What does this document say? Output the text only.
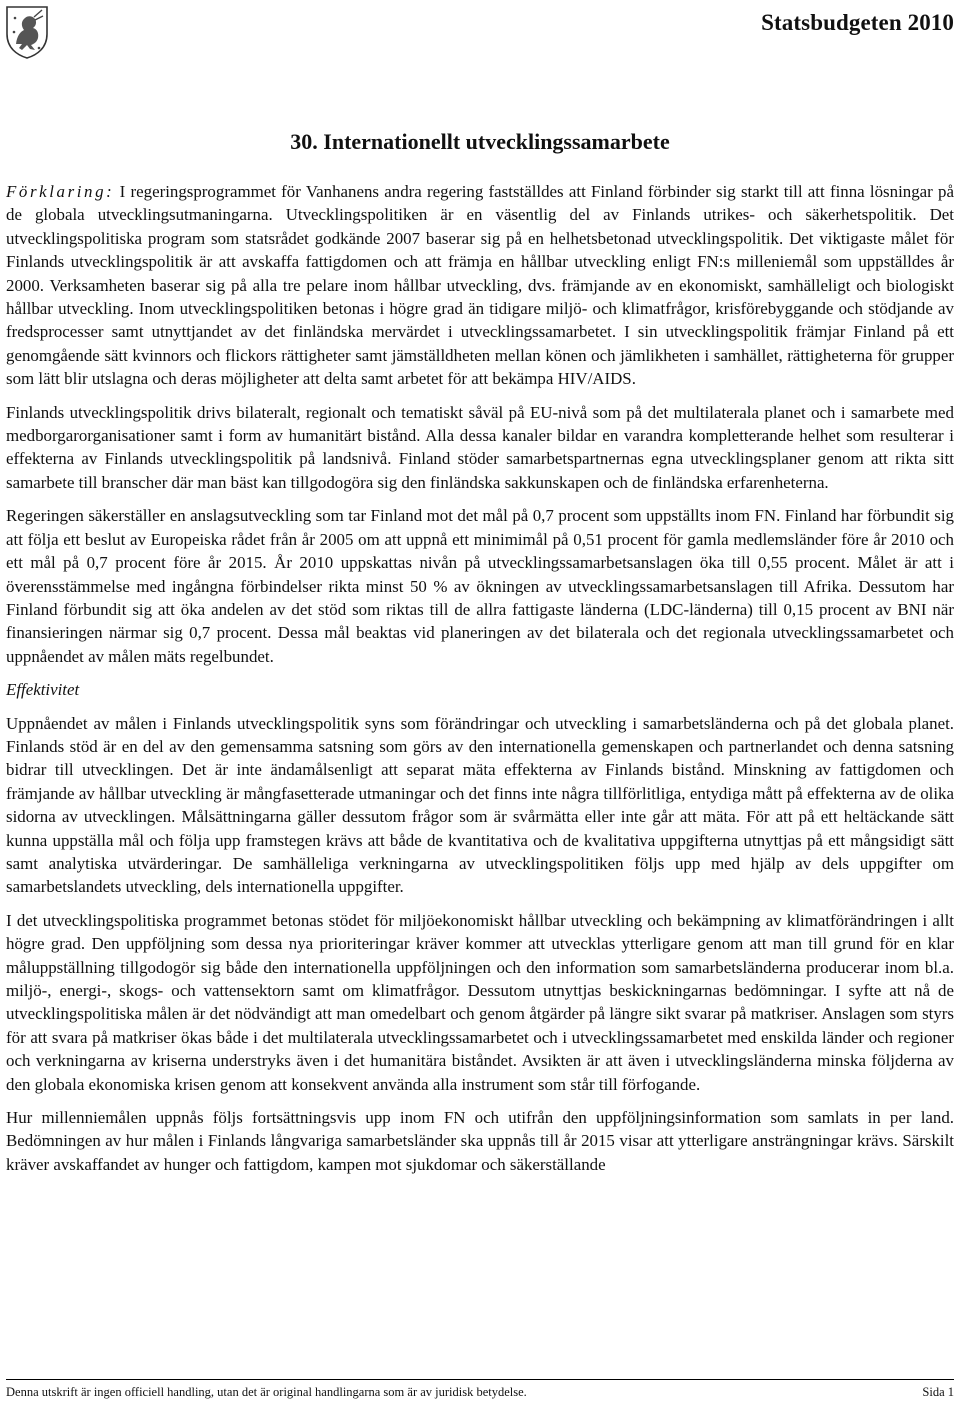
Statsbudgeten 2010
30. Internationellt utvecklingssamarbete

Förklaring: I regeringsprogrammet för Vanhanens andra regering fastställdes att Finland förbinder sig starkt till att finna lösningar på de globala utvecklingsutmaningarna. Utvecklingspolitiken är en väsentlig del av Finlands utrikes- och säkerhetspolitik. Det utvecklingspolitiska program som statsrådet godkände 2007 baserar sig på en helhetsbetonad utvecklingspolitik. Det viktigaste målet för Finlands utvecklingspolitik är att avskaffa fattigdomen och att främja en hållbar utveckling enligt FN:s milleniemål som uppställdes år 2000. Verksamheten baserar sig på alla tre pelare inom hållbar utveckling, dvs. främjande av en ekonomiskt, samhälleligt och biologiskt hållbar utveckling. Inom utvecklingspolitiken betonas i högre grad än tidigare miljö- och klimatfrågor, krisförebyggande och stödjande av fredsprocesser samt utnyttjandet av det finländska mervärdet i utvecklingssamarbetet. I sin utvecklingspolitik främjar Finland på ett genomgående sätt kvinnors och flickors rättigheter samt jämställdheten mellan könen och jämlikheten i samhället, rättigheterna för grupper som lätt blir utslagna och deras möjligheter att delta samt arbetet för att bekämpa HIV/AIDS.

Finlands utvecklingspolitik drivs bilateralt, regionalt och tematiskt såväl på EU-nivå som på det multilaterala planet och i samarbete med medborgarorganisationer samt i form av humanitärt bistånd. Alla dessa kanaler bildar en varandra kompletterande helhet som resulterar i effekterna av Finlands utvecklingspolitik på landsnivå. Finland stöder samarbetspartnernas egna utvecklingsplaner genom att rikta sitt samarbete till branscher där man bäst kan tillgodogöra sig den finländska sakkunskapen och de finländska erfarenheterna.

Regeringen säkerställer en anslagsutveckling som tar Finland mot det mål på 0,7 procent som uppställts inom FN. Finland har förbundit sig att följa ett beslut av Europeiska rådet från år 2005 om att uppnå ett minimimål på 0,51 procent för gamla medlemsländer före år 2010 och ett mål på 0,7 procent före år 2015. År 2010 uppskattas nivån på utvecklingssamarbetsanslagen öka till 0,55 procent. Målet är att i överensstämmelse med ingångna förbindelser rikta minst 50 % av ökningen av utvecklingssamarbetsanslagen till Afrika. Dessutom har Finland förbundit sig att öka andelen av det stöd som riktas till de allra fattigaste länderna (LDC-länderna) till 0,15 procent av BNI när finansieringen närmar sig 0,7 procent. Dessa mål beaktas vid planeringen av det bilaterala och det regionala utvecklingssamarbetet och uppnåendet av målen mäts regelbundet.

Effektivitet

Uppnåendet av målen i Finlands utvecklingspolitik syns som förändringar och utveckling i samarbetsländerna och på det globala planet. Finlands stöd är en del av den gemensamma satsning som görs av den internationella gemenskapen och partnerlandet och denna satsning bidrar till utvecklingen. Det är inte ändamålsenligt att separat mäta effekterna av Finlands bistånd. Minskning av fattigdomen och främjande av hållbar utveckling är mångfasetterade utmaningar och det finns inte några tillförlitliga, entydiga mått på effekterna av de olika sidorna av utvecklingen. Målsättningarna gäller dessutom frågor som är svårmätta eller inte går att mäta. För att på ett heltäckande sätt kunna uppställa mål och följa upp framstegen krävs att både de kvantitativa och de kvalitativa uppgifterna utnyttjas på ett mångsidigt sätt samt analytiska utvärderingar. De samhälleliga verkningarna av utvecklingspolitiken följs upp med hjälp av dels uppgifter om samarbetslandets utveckling, dels internationella uppgifter.

I det utvecklingspolitiska programmet betonas stödet för miljöekonomiskt hållbar utveckling och bekämpning av klimatförändringen i allt högre grad. Den uppföljning som dessa nya prioriteringar kräver kommer att utvecklas ytterligare genom att man till grund för en klar måluppställning tillgodogör sig både den internationella uppföljningen och den information som samarbetsländerna producerar inom bl.a. miljö-, energi-, skogs- och vattensektorn samt om klimatfrågor. Dessutom utnyttjas beskickningarnas bedömningar. I syfte att nå de utvecklingspolitiska målen är det nödvändigt att man omedelbart och genom åtgärder på längre sikt svarar på matkriser. Anslagen som styrs för att svara på matkriser ökas både i det multilaterala utvecklingssamarbetet och i utvecklingssamarbetet med enskilda länder och regioner och verkningarna av kriserna understryks även i det humanitära biståndet. Avsikten är att även i utvecklingsländerna minska följderna av den globala ekonomiska krisen genom att konsekvent använda alla instrument som står till förfogande.

Hur millenniemålen uppnås följs fortsättningsvis upp inom FN och utifrån den uppföljningsinformation som samlats in per land. Bedömningen av hur målen i Finlands långvariga samarbetsländer ska uppnås till år 2015 visar att ytterligare ansträngningar krävs. Särskilt kräver avskaffandet av hunger och fattigdom, kampen mot sjukdomar och säkerställande

Denna utskrift är ingen officiell handling, utan det är original handlingarna som är av juridisk betydelse.	Sida 1
